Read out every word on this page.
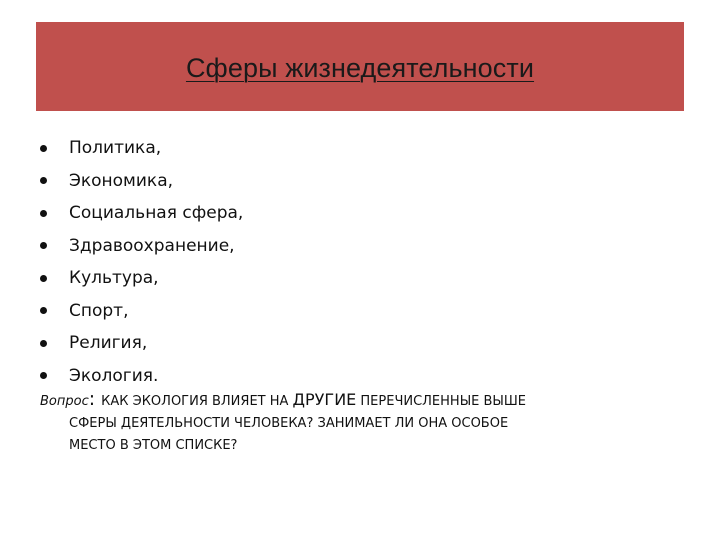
Сферы жизнедеятельности
Политика,
Экономика,
Социальная сфера,
Здравоохранение,
Культура,
Спорт,
Религия,
Экология.
Вопрос: КАК ЭКОЛОГИЯ ВЛИЯЕТ НА ДРУГИЕ ПЕРЕЧИСЛЕННЫЕ ВЫШЕ
СФЕРЫ ДЕЯТЕЛЬНОСТИ ЧЕЛОВЕКА? ЗАНИМАЕТ ЛИ ОНА ОСОБОЕ
МЕСТО В ЭТОМ СПИСКЕ?
